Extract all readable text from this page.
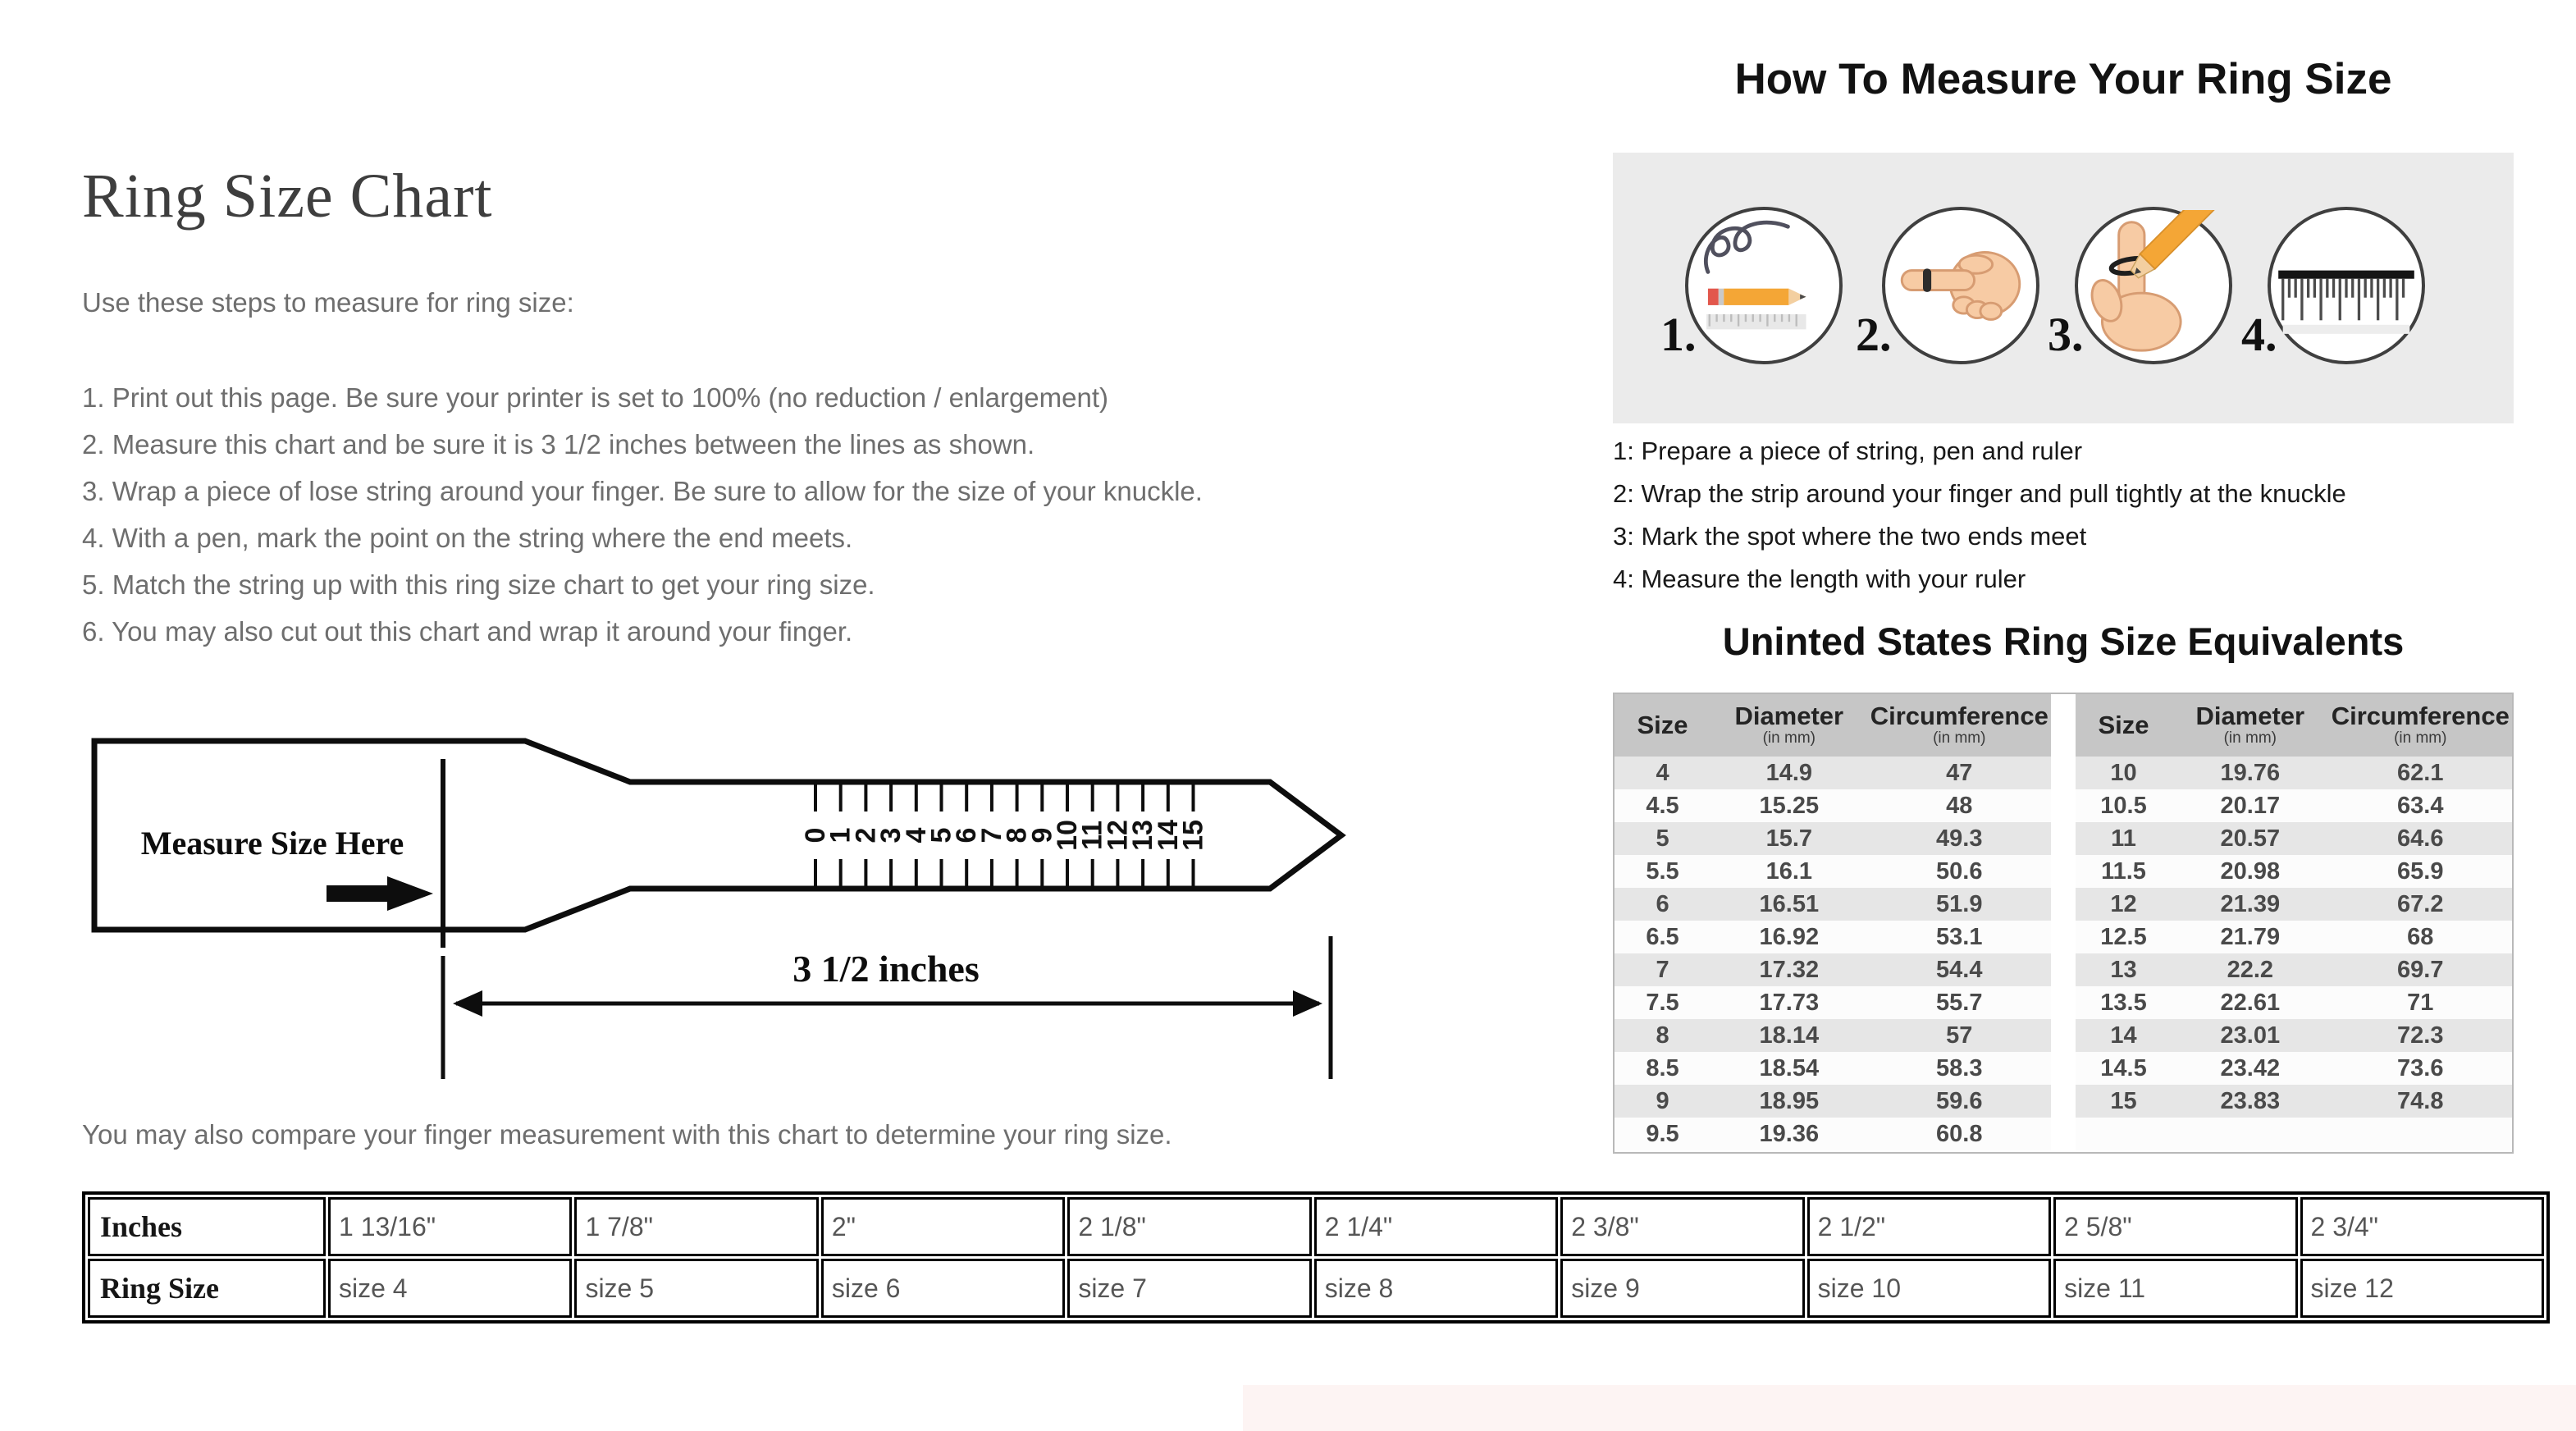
Ring Size Chart
Use these steps to measure for ring size:
1. Print out this page. Be sure your printer is set to 100% (no reduction / enlargement)
2. Measure this chart and be sure it is 3 1/2 inches between the lines as shown.
3. Wrap a piece of lose string around your finger. Be sure to allow for the size of your knuckle.
4. With a pen, mark the point on the string where the end meets.
5. Match the string up with this ring size chart to get your ring size.
6. You may also cut out this chart and wrap it around your finger.
Measure Size Here	0
1
2
3
4
5
6
7
8
9
10
11
12
13
14
15
3 1/2 inches
You may also compare your finger measurement with this chart to determine your ring size.
How To Measure Your Ring Size
1.	2.	3.	4.
1: Prepare a piece of string, pen and ruler
2: Wrap the strip around your finger and pull tightly at the knuckle
3: Mark the spot where the two ends meet
4: Measure the length with your ruler
Uninted States Ring Size Equivalents
Size	Diameter
(in mm)

Circumference
(in mm)

4	14.9	47
4.5	15.25	48
5	15.7	49.3
5.5	16.1	50.6
6	16.51	51.9
6.5	16.92	53.1
7	17.32	54.4
7.5	17.73	55.7
8	18.14	57
8.5	18.54	58.3
9	18.95	59.6
9.5	19.36	60.8
Size	Diameter
(in mm)

Circumference
(in mm)

10	19.76	62.1
10.5	20.17	63.4
11	20.57	64.6
11.5	20.98	65.9
12	21.39	67.2
12.5	21.79	68
13	22.2	69.7
13.5	22.61	71
14	23.01	72.3
14.5	23.42	73.6
15	23.83	74.8

Inches	1 13/16"	1 7/8"	2"	2 1/8"	2 1/4"	2 3/8"	2 1/2"	2 5/8"	2 3/4"
Ring Size	size 4	size 5	size 6	size 7	size 8	size 9	size 10	size 11	size 12
